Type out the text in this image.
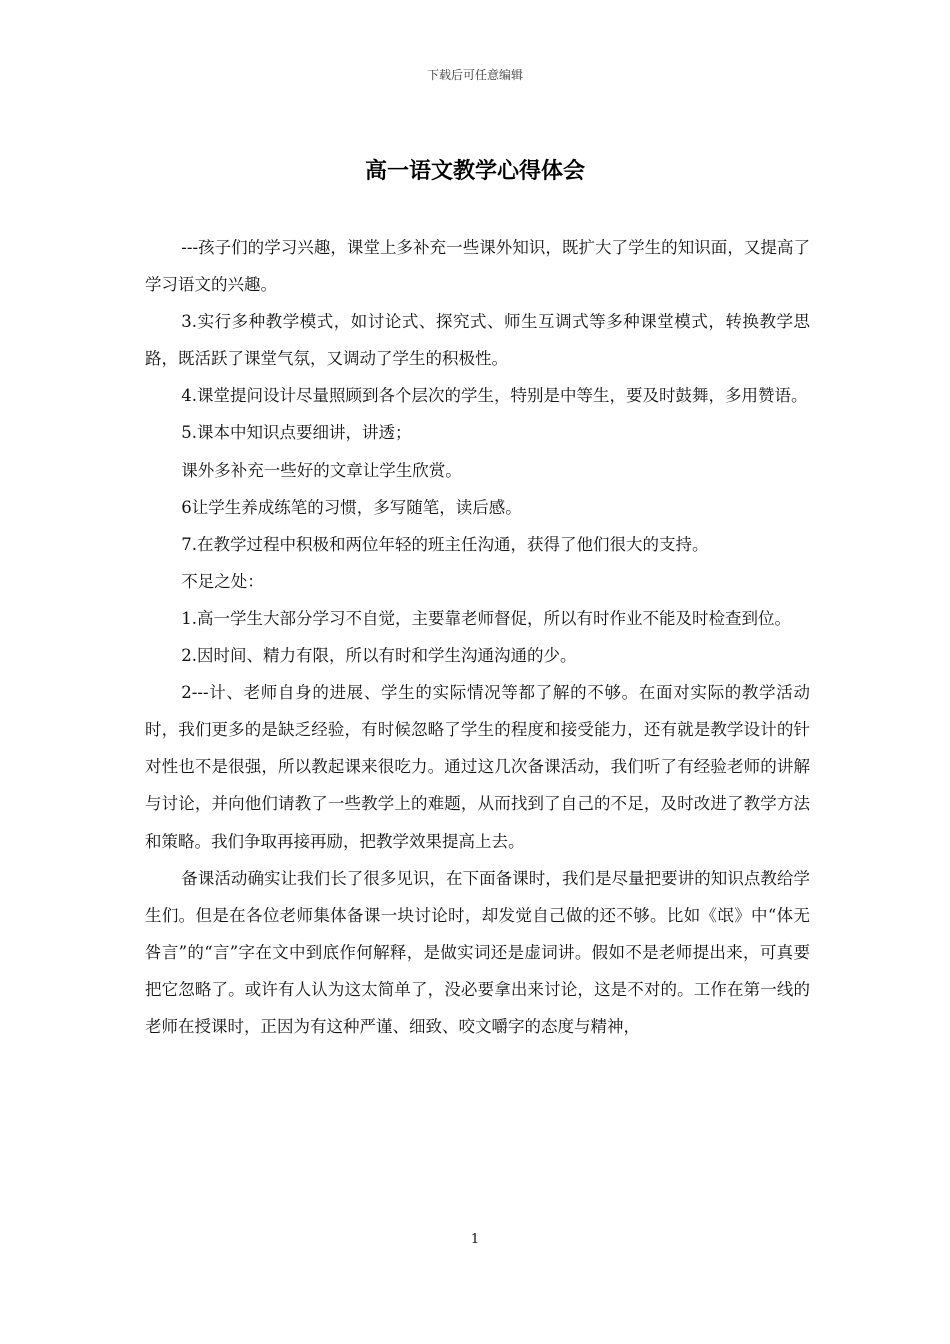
下载后可任意编辑
高一语文教学心得体会

---孩子们的学习兴趣，课堂上多补充一些课外知识，既扩大了学生的知识面，又提高了学习语文的兴趣。

3.实行多种教学模式，如讨论式、探究式、师生互调式等多种课堂模式，转换教学思路，既活跃了课堂气氛，又调动了学生的积极性。

4.课堂提问设计尽量照顾到各个层次的学生，特别是中等生，要及时鼓舞，多用赞语。

5.课本中知识点要细讲，讲透；

课外多补充一些好的文章让学生欣赏。

6让学生养成练笔的习惯，多写随笔，读后感。

7.在教学过程中积极和两位年轻的班主任沟通，获得了他们很大的支持。

不足之处：

1.高一学生大部分学习不自觉，主要靠老师督促，所以有时作业不能及时检查到位。

2.因时间、精力有限，所以有时和学生沟通沟通的少。

2---计、老师自身的进展、学生的实际情况等都了解的不够。在面对实际的教学活动时，我们更多的是缺乏经验，有时候忽略了学生的程度和接受能力，还有就是教学设计的针对性也不是很强，所以教起课来很吃力。通过这几次备课活动，我们听了有经验老师的讲解与讨论，并向他们请教了一些教学上的难题，从而找到了自己的不足，及时改进了教学方法和策略。我们争取再接再励，把教学效果提高上去。

备课活动确实让我们长了很多见识，在下面备课时，我们是尽量把要讲的知识点教给学生们。但是在各位老师集体备课一块讨论时，却发觉自己做的还不够。比如《氓》中“体无咎言”的“言”字在文中到底作何解释，是做实词还是虚词讲。假如不是老师提出来，可真要把它忽略了。或许有人认为这太简单了，没必要拿出来讨论，这是不对的。工作在第一线的老师在授课时，正因为有这种严谨、细致、咬文嚼字的态度与精神，

1
